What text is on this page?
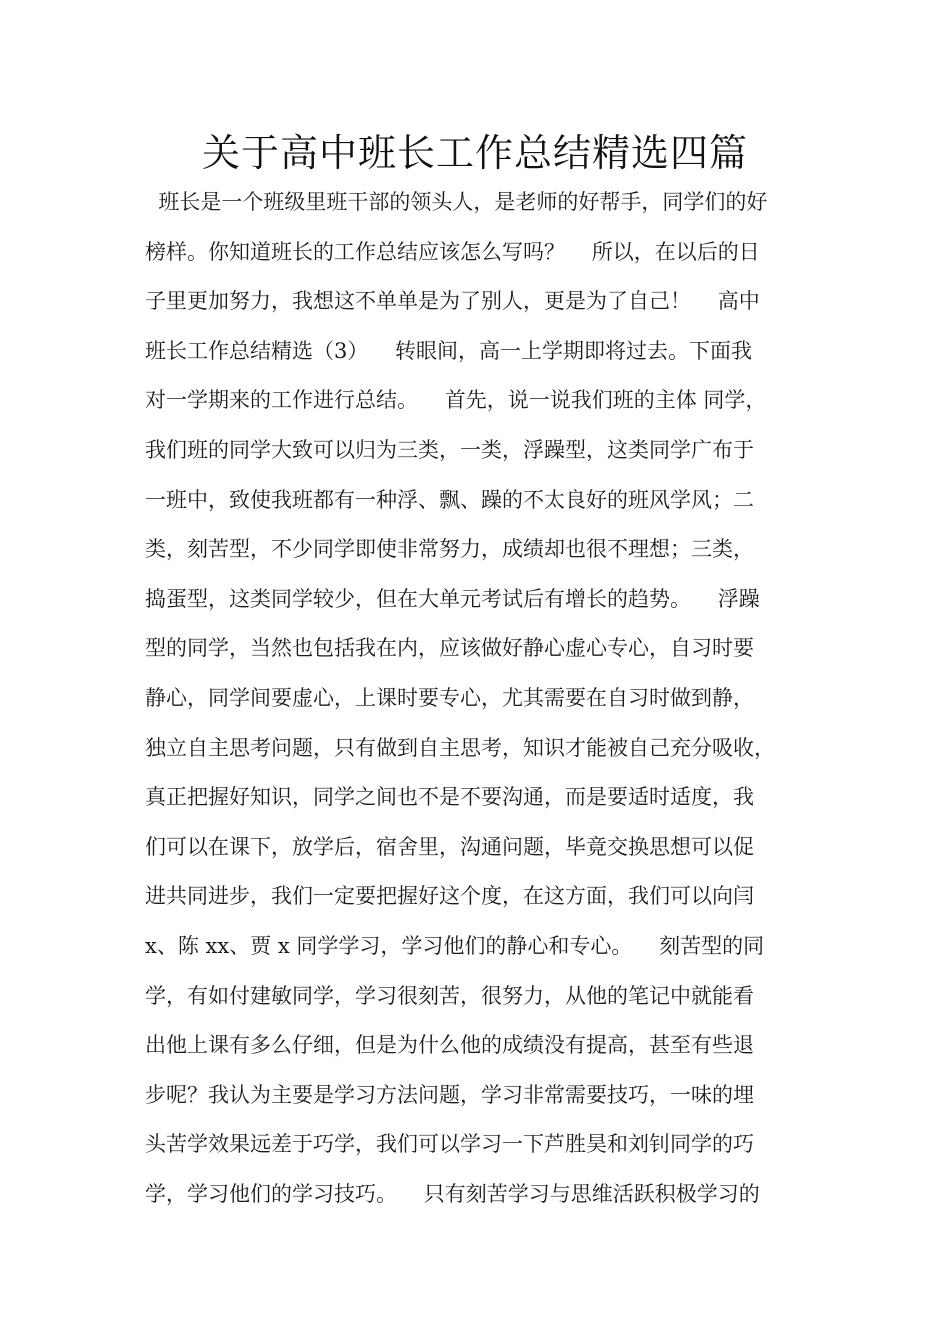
关于高中班长工作总结精选四篇
班长是一个班级里班干部的领头人，是老师的好帮手，同学们的好
榜样。你知道班长的工作总结应该怎么写吗？    所以，在以后的日
子里更加努力，我想这不单单是为了别人，更是为了自己！    高中
班长工作总结精选（3）    转眼间，高一上学期即将过去。下面我
对一学期来的工作进行总结。    首先，说一说我们班的主体 同学，
我们班的同学大致可以归为三类，一类，浮躁型，这类同学广布于
一班中，致使我班都有一种浮、飘、躁的不太良好的班风学风；二
类，刻苦型，不少同学即使非常努力，成绩却也很不理想；三类，
捣蛋型，这类同学较少，但在大单元考试后有增长的趋势。    浮躁
型的同学，当然也包括我在内，应该做好静心虚心专心，自习时要
静心，同学间要虚心，上课时要专心，尤其需要在自习时做到静，
独立自主思考问题，只有做到自主思考，知识才能被自己充分吸收，
真正把握好知识，同学之间也不是不要沟通，而是要适时适度，我
们可以在课下，放学后，宿舍里，沟通问题，毕竟交换思想可以促
进共同进步，我们一定要把握好这个度，在这方面，我们可以向闫
x、陈 xx、贾 x 同学学习，学习他们的静心和专心。    刻苦型的同
学，有如付建敏同学，学习很刻苦，很努力，从他的笔记中就能看
出他上课有多么仔细，但是为什么他的成绩没有提高，甚至有些退
步呢？我认为主要是学习方法问题，学习非常需要技巧，一味的埋
头苦学效果远差于巧学，我们可以学习一下芦胜昊和刘钊同学的巧
学，学习他们的学习技巧。    只有刻苦学习与思维活跃积极学习的
